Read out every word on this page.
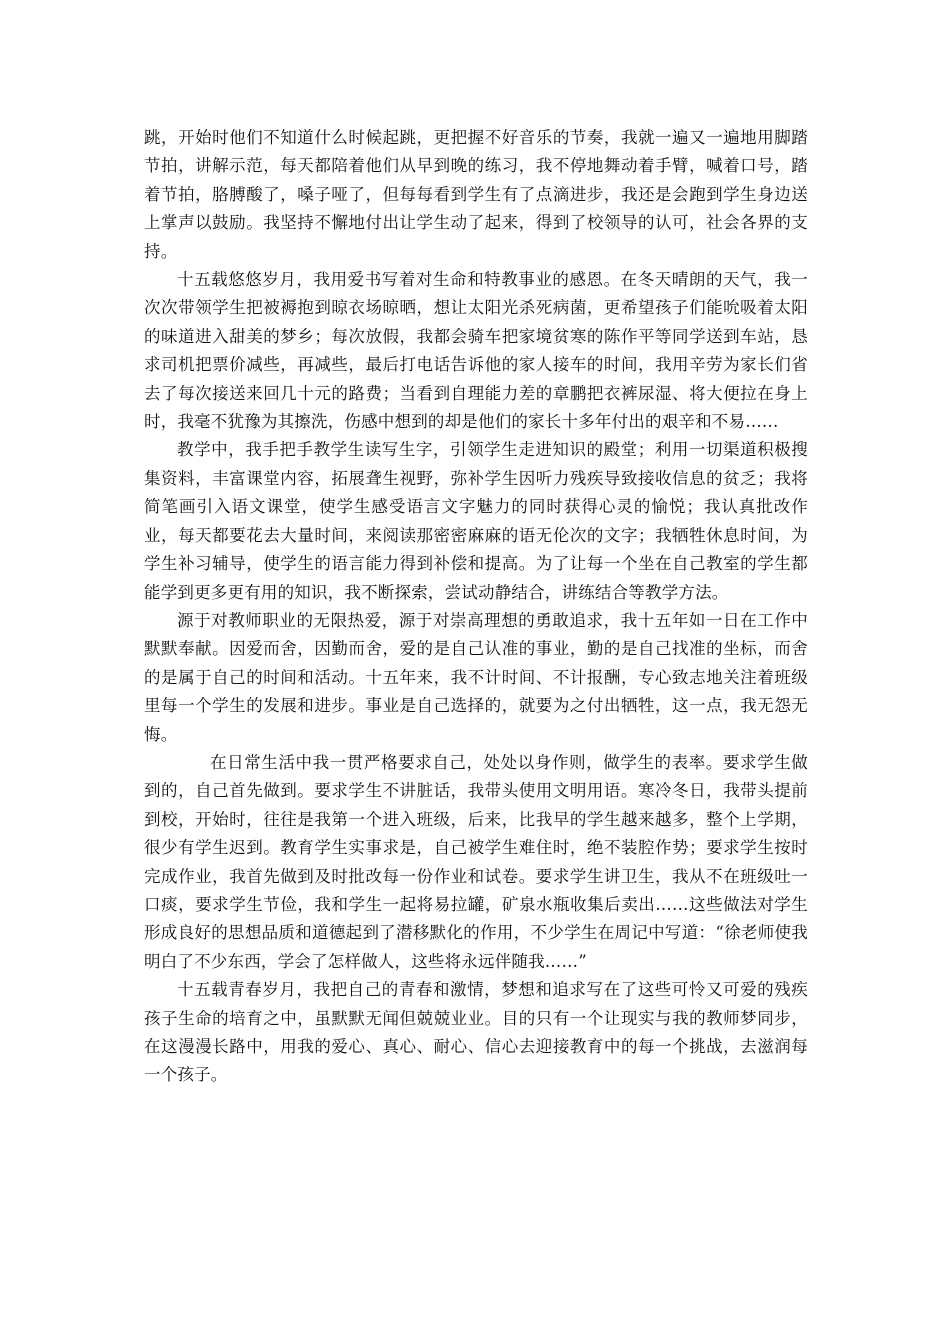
跳，开始时他们不知道什么时候起跳，更把握不好音乐的节奏，我就一遍又一遍地用脚踏节拍，讲解示范，每天都陪着他们从早到晚的练习，我不停地舞动着手臂，喊着口号，踏着节拍，胳膊酸了，嗓子哑了，但每每看到学生有了点滴进步，我还是会跑到学生身边送上掌声以鼓励。我坚持不懈地付出让学生动了起来，得到了校领导的认可，社会各界的支持。

十五载悠悠岁月，我用爱书写着对生命和特教事业的感恩。在冬天晴朗的天气，我一次次带领学生把被褥抱到晾衣场晾晒，想让太阳光杀死病菌，更希望孩子们能吮吸着太阳的味道进入甜美的梦乡；每次放假，我都会骑车把家境贫寒的陈作平等同学送到车站，恳求司机把票价减些，再减些，最后打电话告诉他的家人接车的时间，我用辛劳为家长们省去了每次接送来回几十元的路费；当看到自理能力差的章鹏把衣裤尿湿、将大便拉在身上时，我毫不犹豫为其擦洗，伤感中想到的却是他们的家长十多年付出的艰辛和不易……

教学中，我手把手教学生读写生字，引领学生走进知识的殿堂；利用一切渠道积极搜集资料，丰富课堂内容，拓展聋生视野，弥补学生因听力残疾导致接收信息的贫乏；我将简笔画引入语文课堂，使学生感受语言文字魅力的同时获得心灵的愉悦；我认真批改作业，每天都要花去大量时间，来阅读那密密麻麻的语无伦次的文字；我牺牲休息时间，为学生补习辅导，使学生的语言能力得到补偿和提高。为了让每一个坐在自己教室的学生都能学到更多更有用的知识，我不断探索，尝试动静结合，讲练结合等教学方法。

源于对教师职业的无限热爱，源于对崇高理想的勇敢追求，我十五年如一日在工作中默默奉献。因爱而舍，因勤而舍，爱的是自己认准的事业，勤的是自己找准的坐标，而舍的是属于自己的时间和活动。十五年来，我不计时间、不计报酬，专心致志地关注着班级里每一个学生的发展和进步。事业是自己选择的，就要为之付出牺牲，这一点，我无怨无悔。

在日常生活中我一贯严格要求自己，处处以身作则，做学生的表率。要求学生做到的，自己首先做到。要求学生不讲脏话，我带头使用文明用语。寒冷冬日，我带头提前到校，开始时，往往是我第一个进入班级，后来，比我早的学生越来越多，整个上学期，很少有学生迟到。教育学生实事求是，自己被学生难住时，绝不装腔作势；要求学生按时完成作业，我首先做到及时批改每一份作业和试卷。要求学生讲卫生，我从不在班级吐一口痰，要求学生节俭，我和学生一起将易拉罐，矿泉水瓶收集后卖出……这些做法对学生形成良好的思想品质和道德起到了潜移默化的作用，不少学生在周记中写道：“徐老师使我明白了不少东西，学会了怎样做人，这些将永远伴随我……”

十五载青春岁月，我把自己的青春和激情，梦想和追求写在了这些可怜又可爱的残疾孩子生命的培育之中，虽默默无闻但兢兢业业。目的只有一个让现实与我的教师梦同步，在这漫漫长路中，用我的爱心、真心、耐心、信心去迎接教育中的每一个挑战，去滋润每一个孩子。
